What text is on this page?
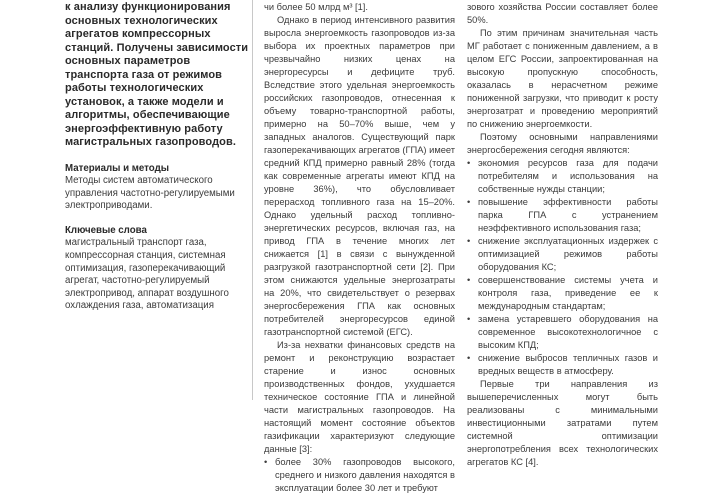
к анализу функционирования основных технологических агрегатов компрессорных станций. Получены зависимости основных параметров транспорта газа от режимов работы технологических установок, а также модели и алгоритмы, обеспечивающие энергоэффективную работу магистральных газопроводов.
Материалы и методы
Методы систем автоматического управления частотно-регулируемыми электроприводами.
Ключевые слова
магистральный транспорт газа, компрессорная станция, системная оптимизация, газоперекачивающий агрегат, частотно-регулируемый электропривод, аппарат воздушного охлаждения газа, автоматизация

чи более 50 млрд м³ [1].

Однако в период интенсивного развития выросла энергоемкость газопроводов из-за выбора их проектных параметров при чрезвычайно низких ценах на энергоресурсы и дефиците труб. Вследствие этого удельная энергоемкость российских газопроводов, отнесенная к объему товарно-транспортной работы, примерно на 50–70% выше, чем у западных аналогов. Существующий парк газоперекачивающих агрегатов (ГПА) имеет средний КПД примерно равный 28% (тогда как современные агрегаты имеют КПД на уровне 36%), что обусловливает перерасход топливного газа на 15–20%. Однако удельный расход топливно-энергетических ресурсов, включая газ, на привод ГПА в течение многих лет снижается [1] в связи с вынужденной разгрузкой газотранспортной сети [2]. При этом снижаются удельные энергозатраты на 20%, что свидетельствует о резервах энергосбережения ГПА как основных потребителей энергоресурсов единой газотранспортной системой (ЕГС).

Из-за нехватки финансовых средств на ремонт и реконструкцию возрастает старение и износ основных производственных фондов, ухудшается техническое состояние ГПА и линейной части магистральных газопроводов. На настоящий момент состояние объектов газификации характеризуют следующие данные [3]:

• более 30% газопроводов высокого, среднего и низкого давления находятся в эксплуатации более 30 лет и требуют

зового хозяйства России составляет более 50%.

По этим причинам значительная часть МГ работает с пониженным давлением, а в целом ЕГС России, запроектированная на высокую пропускную способность, оказалась в нерасчетном режиме пониженной загрузки, что приводит к росту энергозатрат и проведению мероприятий по снижению энергоемкости.

Поэтому основными направлениями энергосбережения сегодня являются:

• экономия ресурсов газа для подачи потребителям и использования на собственные нужды станции;
• повышение эффективности работы парка ГПА с устранением неэффективного использования газа;
• снижение эксплуатационных издержек с оптимизацией режимов работы оборудования КС;
• совершенствование системы учета и контроля газа, приведение ее к международным стандартам;
• замена устаревшего оборудования на современное высокотехнологичное с высоким КПД;
• снижение выбросов тепличных газов и вредных веществ в атмосферу.

Первые три направления из вышеперечисленных могут быть реализованы с минимальными инвестиционными затратами путем системной оптимизации энергопотребления всех технологических агрегатов КС [4].
